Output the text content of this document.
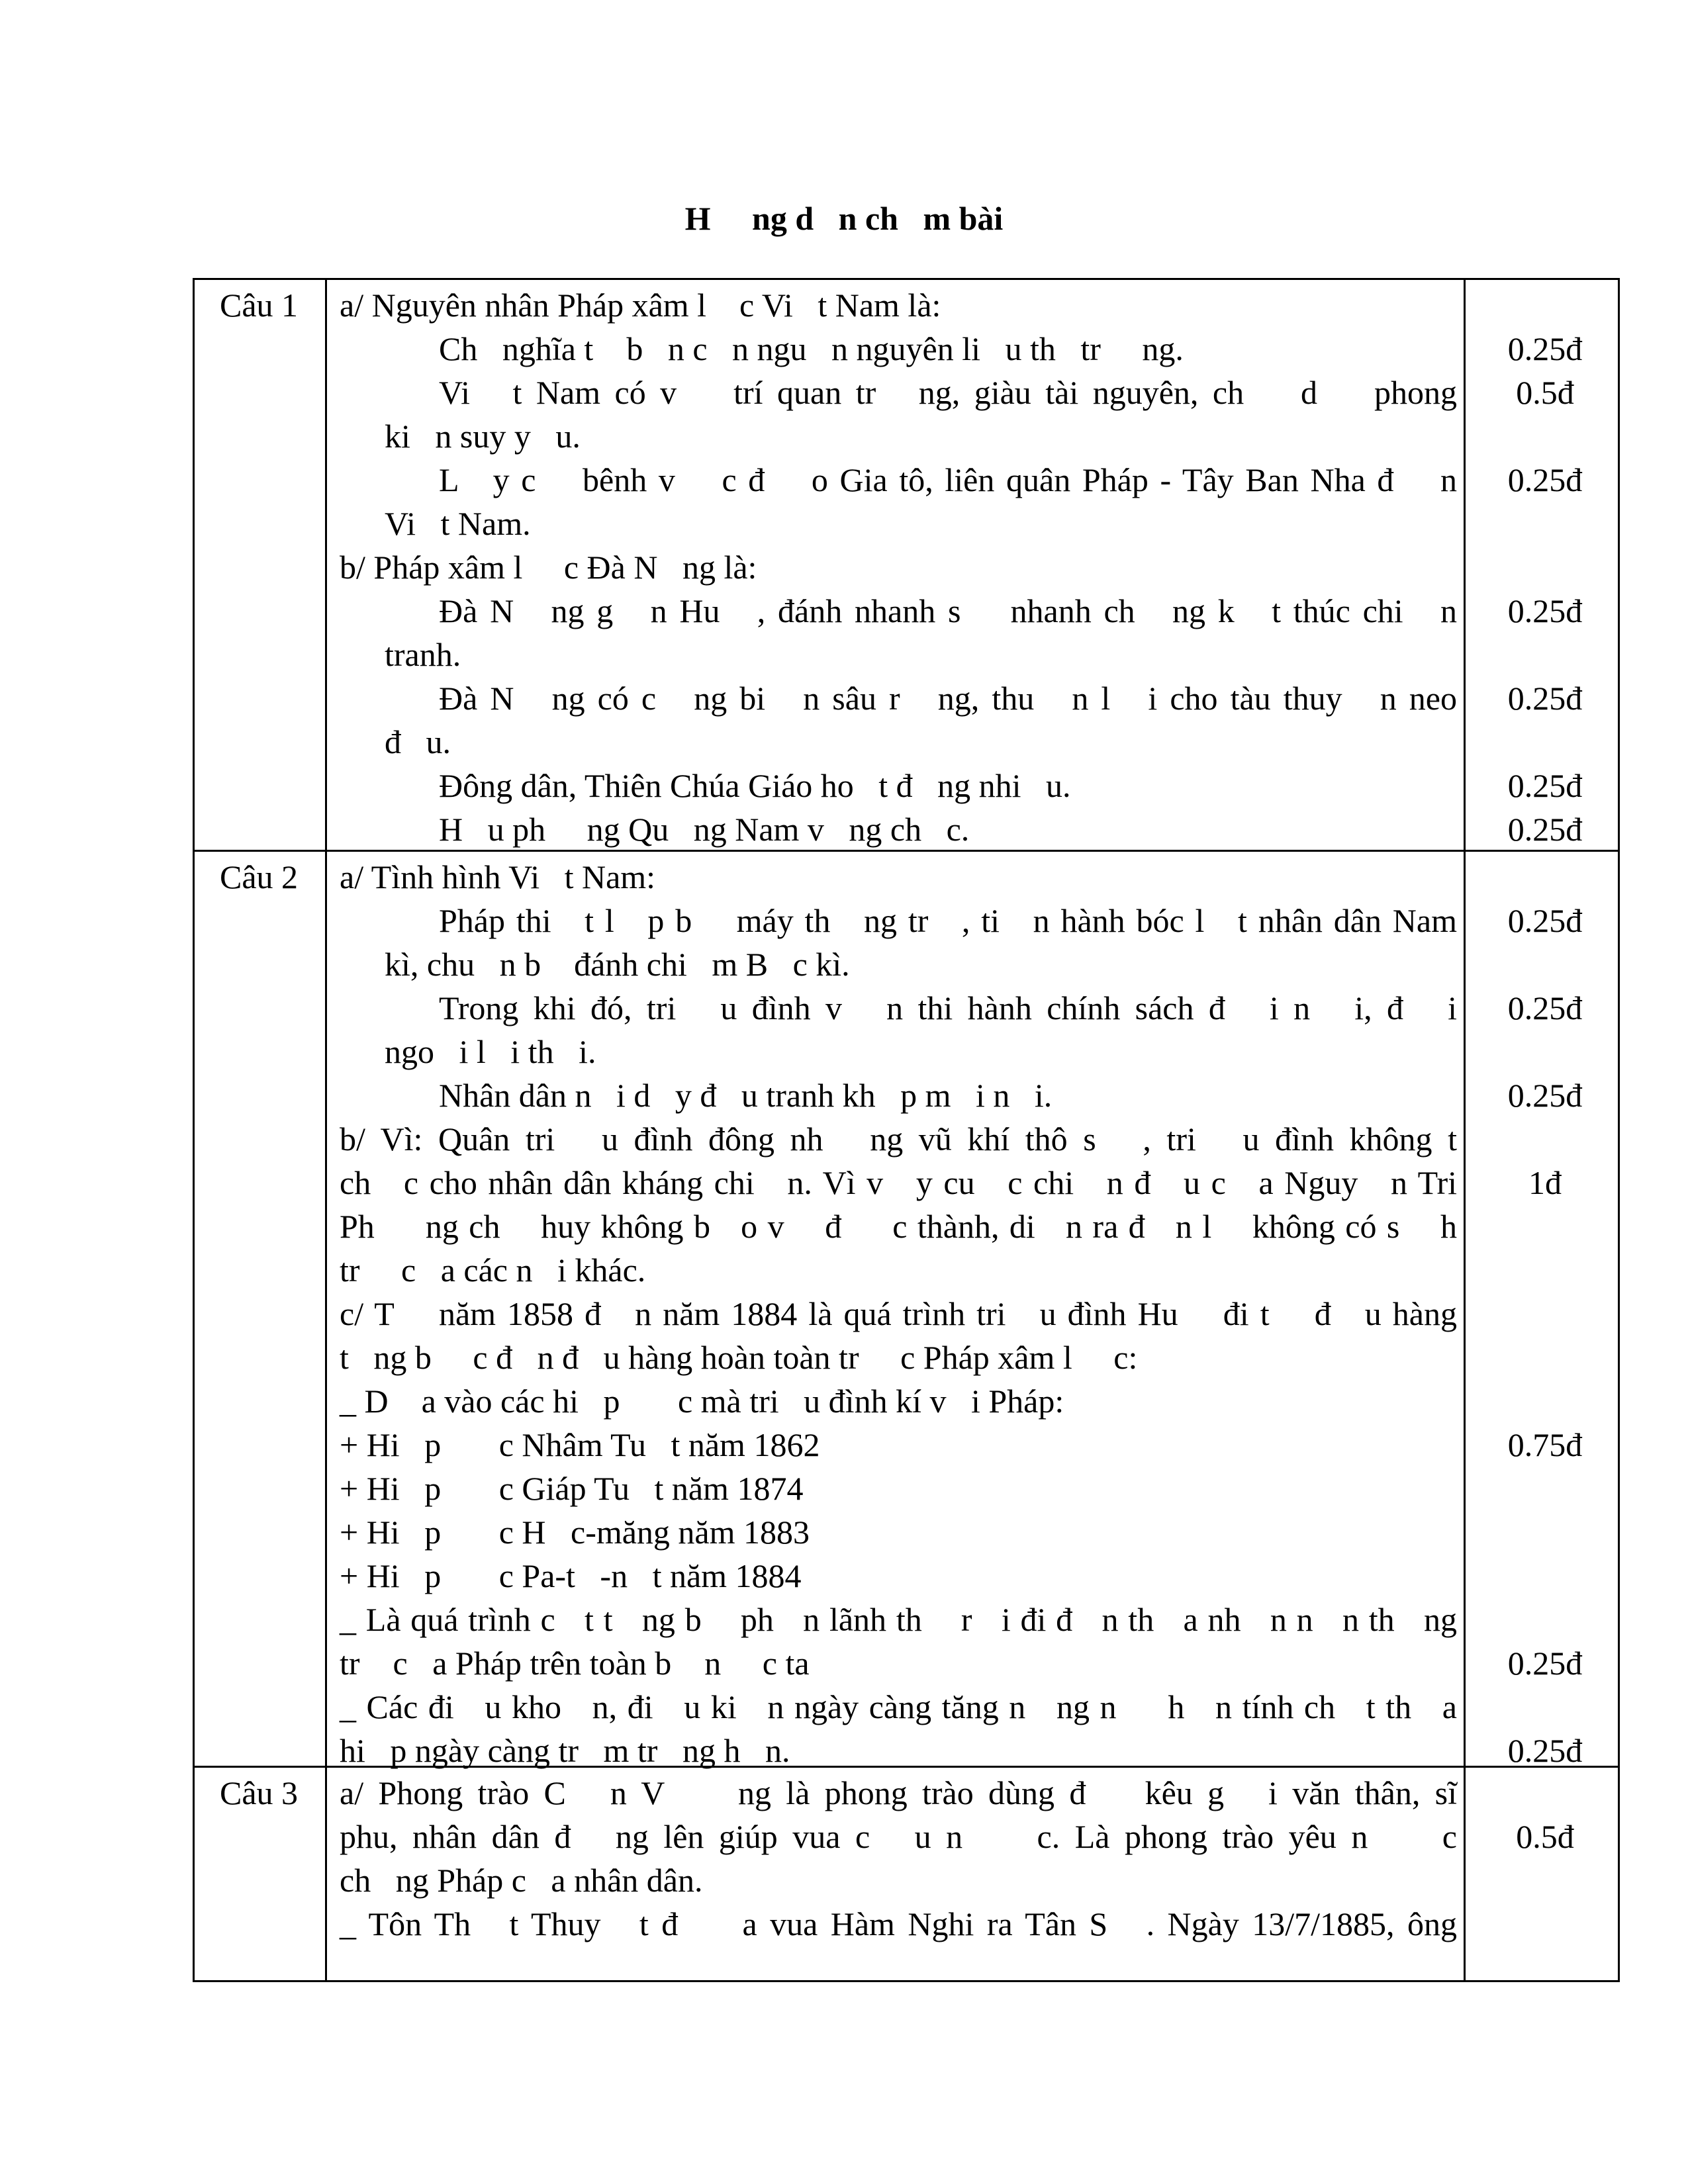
H     ng d   n ch   m bài
Câu 1	a/ Nguyên nhân Pháp xâm l    c Vi   t Nam là:
Ch   nghĩa t    b   n c   n ngu   n nguyên li   u th   tr     ng.	0.25đ
Vi   t Nam có v    trí quan tr   ng, giàu tài nguyên, ch    d    phong	0.5đ
ki   n suy y   u.
L   y c    bênh v    c đ    o Gia tô, liên quân Pháp - Tây Ban Nha đ    n	0.25đ
Vi   t Nam.
b/ Pháp xâm l     c Đà N   ng là:
Đà N   ng g   n Hu   , đánh nhanh s    nhanh ch   ng k   t thúc chi   n	0.25đ
tranh.
Đà N   ng có c   ng bi   n sâu r   ng, thu   n l   i cho tàu thuy   n neo	0.25đ
đ   u.
Đông dân, Thiên Chúa Giáo ho   t đ   ng nhi   u.	0.25đ
H   u ph     ng Qu   ng Nam v   ng ch   c.	0.25đ
Câu 2	a/ Tình hình Vi   t Nam:
Pháp thi   t l   p b    máy th   ng tr   , ti   n hành bóc l   t nhân dân Nam	0.25đ
kì, chu   n b    đánh chi   m B   c kì.
Trong khi đó, tri   u đình v   n thi hành chính sách đ   i n   i, đ   i	0.25đ
ngo   i l   i th   i.
Nhân dân n   i d   y đ   u tranh kh   p m   i n   i.	0.25đ
b/ Vì: Quân tri   u đình đông nh   ng vũ khí thô s   , tri   u đình không t
ch   c cho nhân dân kháng chi   n. Vì v   y cu   c chi   n đ   u c   a Nguy   n Tri	1đ
Ph     ng ch    huy không b   o v    đ     c thành, di   n ra đ   n l    không có s    h
tr     c   a các n   i khác.
c/ T    năm 1858 đ   n năm 1884 là quá trình tri   u đình Hu    đi t    đ   u hàng
t   ng b     c đ   n đ   u hàng hoàn toàn tr     c Pháp xâm l     c:
_ D    a vào các hi   p       c mà tri   u đình kí v   i Pháp:
+ Hi   p       c Nhâm Tu   t năm 1862	0.75đ
+ Hi   p       c Giáp Tu   t năm 1874
+ Hi   p       c H   c-măng năm 1883
+ Hi   p       c Pa-t   -n   t năm 1884
_ Là quá trình c   t t   ng b    ph   n lãnh th    r   i đi đ   n th   a nh   n n   n th   ng
tr    c   a Pháp trên toàn b    n     c ta	0.25đ
_ Các đi   u kho   n, đi   u ki   n ngày càng tăng n   ng n     h   n tính ch   t th   a
hi   p ngày càng tr   m tr   ng h   n.	0.25đ
Câu 3	a/ Phong trào C   n V     ng là phong trào dùng đ    kêu g   i văn thân, sĩ
phu, nhân dân đ   ng lên giúp vua c   u n     c. Là phong trào yêu n     c	0.5đ
ch   ng Pháp c   a nhân dân.
_ Tôn Th   t Thuy   t đ     a vua Hàm Nghi ra Tân S   . Ngày 13/7/1885, ông
